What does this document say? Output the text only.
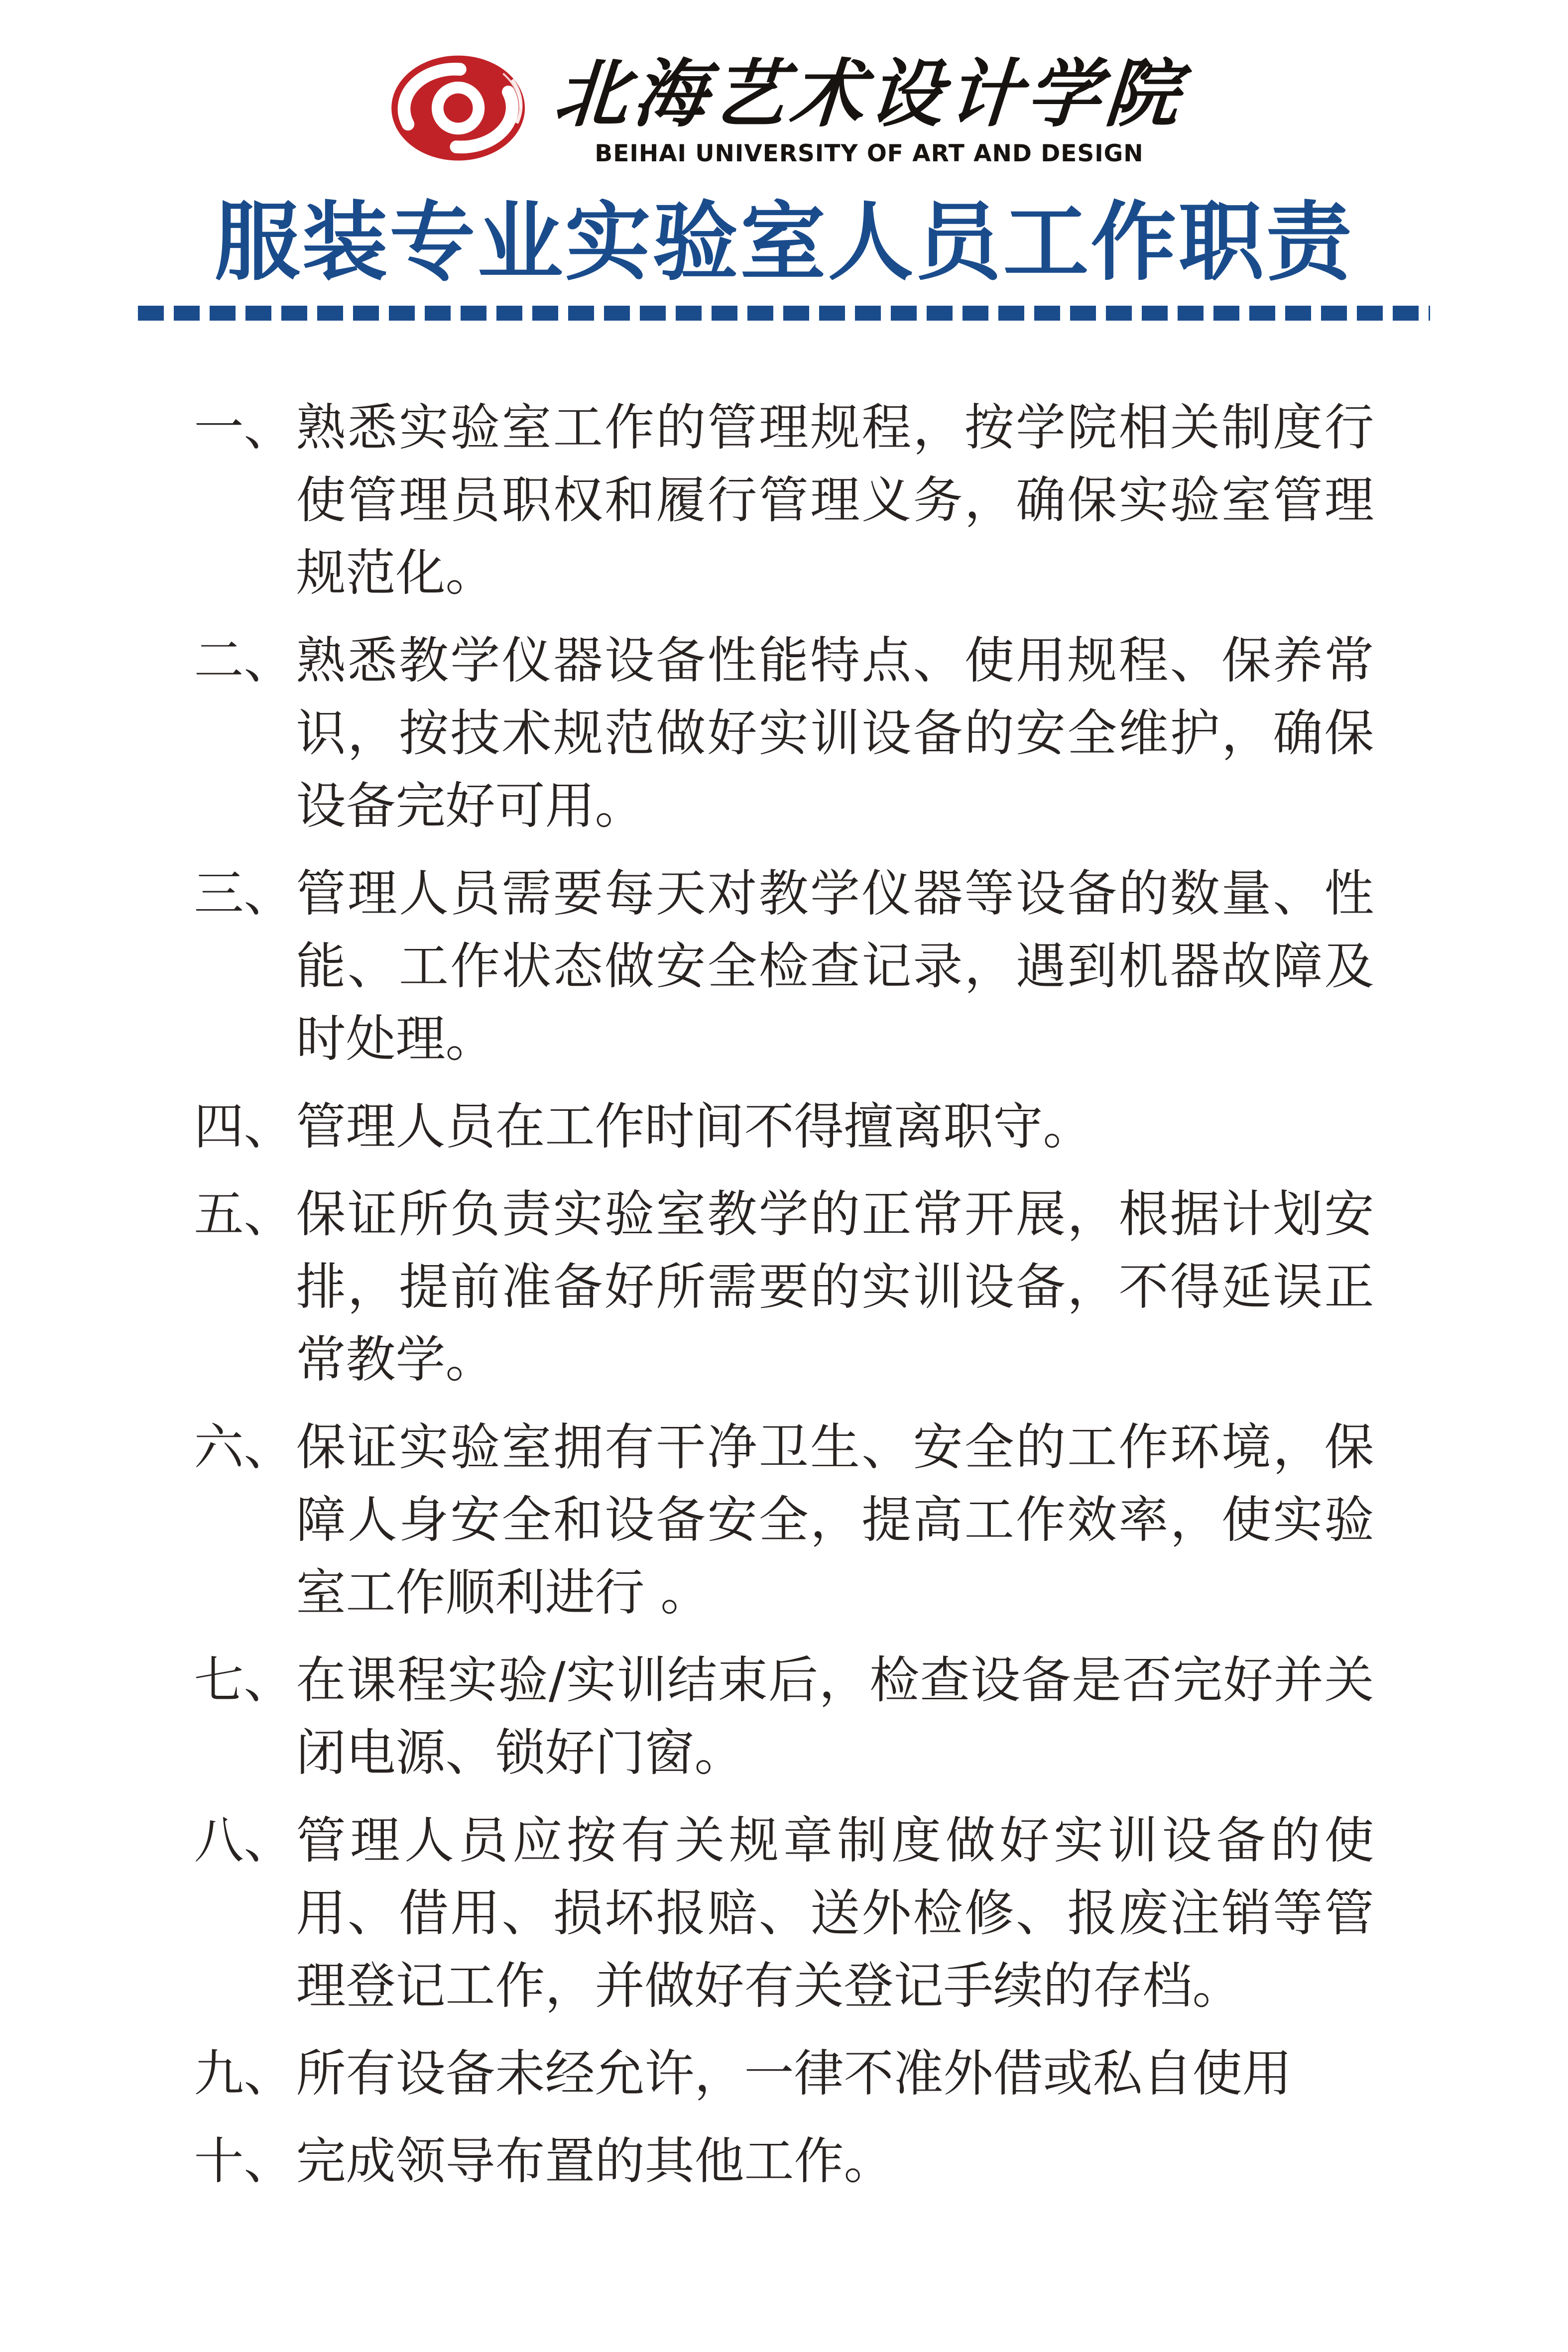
北海艺术设计学院
BEIHAI UNIVERSITY OF ART AND DESIGN
服装专业实验室人员工作职责
一、 熟悉实验室工作的管理规程，按学院相关制度行使管理员职权和履行管理义务，确保实验室管理规范化。
二、 熟悉教学仪器设备性能特点、使用规程、保养常识，按技术规范做好实训设备的安全维护，确保设备完好可用。
三、 管理人员需要每天对教学仪器等设备的数量、性能、工作状态做安全检查记录，遇到机器故障及时处理。
四、 管理人员在工作时间不得擅离职守。
五、 保证所负责实验室教学的正常开展，根据计划安排，提前准备好所需要的实训设备，不得延误正常教学。
六、 保证实验室拥有干净卫生、安全的工作环境，保障人身安全和设备安全，提高工作效率，使实验室工作顺利进行 。
七、 在课程实验/实训结束后，检查设备是否完好并关闭电源、锁好门窗。
八、 管理人员应按有关规章制度做好实训设备的使用、借用、损坏报赔、送外检修、报废注销等管理登记工作，并做好有关登记手续的存档。
九、 所有设备未经允许，一律不准外借或私自使用
十、 完成领导布置的其他工作。
